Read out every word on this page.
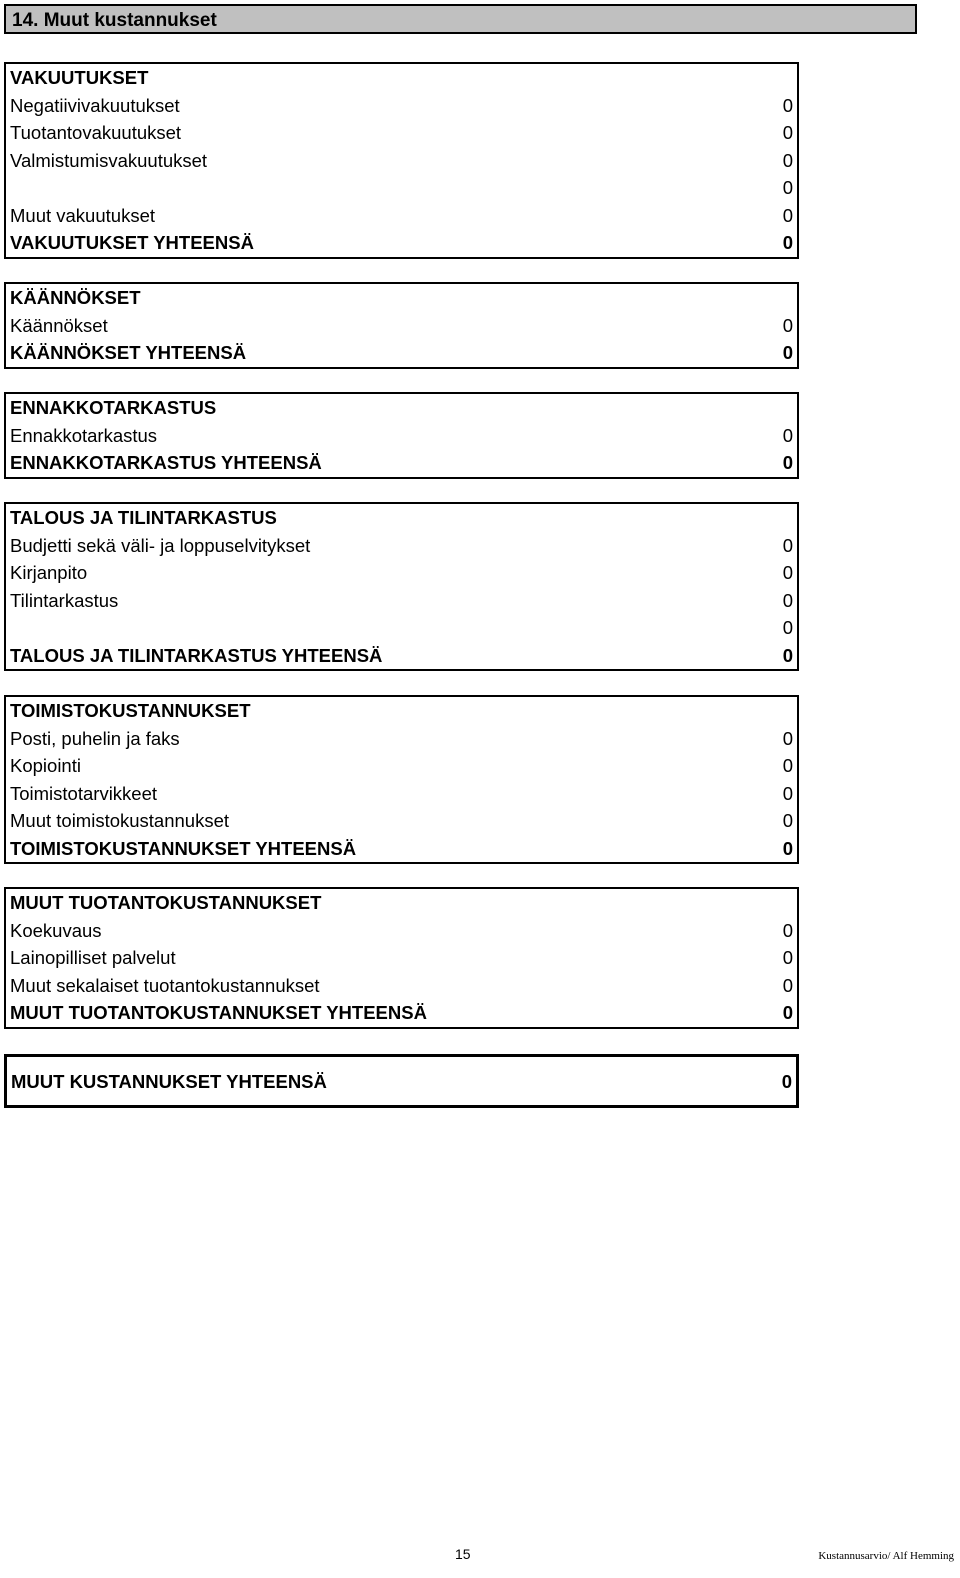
14. Muut kustannukset
VAKUUTUKSET
Negatiivivakuutukset	0
Tuotantovakuutukset	0
Valmistumisvakuutukset	0
0
Muut vakuutukset	0
VAKUUTUKSET YHTEENSÄ	0
KÄÄNNÖKSET
Käännökset	0
KÄÄNNÖKSET YHTEENSÄ	0
ENNAKKOTARKASTUS
Ennakkotarkastus	0
ENNAKKOTARKASTUS YHTEENSÄ	0
TALOUS JA TILINTARKASTUS
Budjetti sekä väli- ja loppuselvitykset	0
Kirjanpito	0
Tilintarkastus	0
0
TALOUS JA TILINTARKASTUS YHTEENSÄ	0
TOIMISTOKUSTANNUKSET
Posti, puhelin ja faks	0
Kopiointi	0
Toimistotarvikkeet	0
Muut toimistokustannukset	0
TOIMISTOKUSTANNUKSET YHTEENSÄ	0
MUUT TUOTANTOKUSTANNUKSET
Koekuvaus	0
Lainopilliset palvelut	0
Muut sekalaiset tuotantokustannukset	0
MUUT TUOTANTOKUSTANNUKSET YHTEENSÄ	0
MUUT KUSTANNUKSET YHTEENSÄ	0
15	Kustannusarvio/ Alf Hemming
